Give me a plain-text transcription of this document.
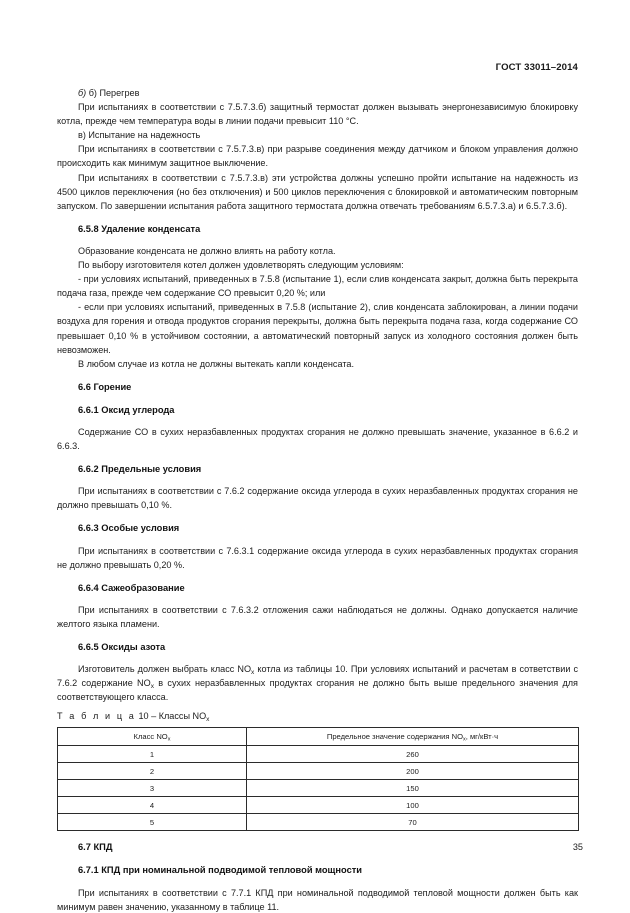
ГОСТ 33011–2014

б) б) Перегрев

При испытаниях в соответствии с 7.5.7.3.б) защитный термостат должен вызывать энергонезависимую блокировку котла, прежде чем температура воды в линии подачи превысит 110 °С.

в) Испытание на надежность

При испытаниях в соответствии с 7.5.7.3.в) при разрыве соединения между датчиком и блоком управления должно происходить как минимум защитное выключение.

При испытаниях в соответствии с 7.5.7.3.в) эти устройства должны успешно пройти испытание на надежность из 4500 циклов переключения (но без отключения) и 500 циклов переключения с блокировкой и автоматическим повторным запуском. По завершении испытания работа защитного термостата должна отвечать требованиям 6.5.7.3.а) и 6.5.7.3.б).

6.5.8 Удаление конденсата

Образование конденсата не должно влиять на работу котла.

По выбору изготовителя котел должен удовлетворять следующим условиям:

- при условиях испытаний, приведенных в 7.5.8 (испытание 1), если слив конденсата закрыт, должна быть перекрыта подача газа, прежде чем содержание СО превысит 0,20 %; или

- если при условиях испытаний, приведенных в 7.5.8 (испытание 2), слив конденсата заблокирован, а линии подачи воздуха для горения и отвода продуктов сгорания перекрыты, должна быть перекрыта подача газа, когда содержание СО превышает 0,10 % в устойчивом состоянии, а автоматический повторный запуск из холодного состояния должен быть невозможен.

В любом случае из котла не должны вытекать капли конденсата.

6.6 Горение
6.6.1 Оксид углерода

Содержание СО в сухих неразбавленных продуктах сгорания не должно превышать значение, указанное в 6.6.2 и 6.6.3.

6.6.2 Предельные условия

При испытаниях в соответствии с 7.6.2 содержание оксида углерода в сухих неразбавленных продуктах сгорания не должно превышать 0,10 %.

6.6.3 Особые условия

При испытаниях в соответствии с 7.6.3.1 содержание оксида углерода в сухих неразбавленных продуктах сгорания не должно превышать 0,20 %.

6.6.4 Сажеобразование

При испытаниях в соответствии с 7.6.3.2 отложения сажи наблюдаться не должны. Однако допускается наличие желтого языка пламени.

6.6.5 Оксиды азота

Изготовитель должен выбрать класс $NO_x$ котла из таблицы 10. При условиях испытаний и расчетам в сответствии с 7.6.2 содержание $NO_x$ в сухих неразбавленных продуктах сгорания не должно быть выше предельного значения для соответствующего класса.

Т а б л и ц а 10 – Классы $NO_x$

Класс $NO_x$	Предельное значение содержания $NO_x$, мг/кВт·ч
1	260
2	200
3	150
4	100
5	70
6.7 КПД
6.7.1 КПД при номинальной подводимой тепловой мощности

При испытаниях в соответствии с 7.7.1 КПД при номинальной подводимой тепловой мощности должен быть как минимум равен значению, указанному в таблице 11.

35
